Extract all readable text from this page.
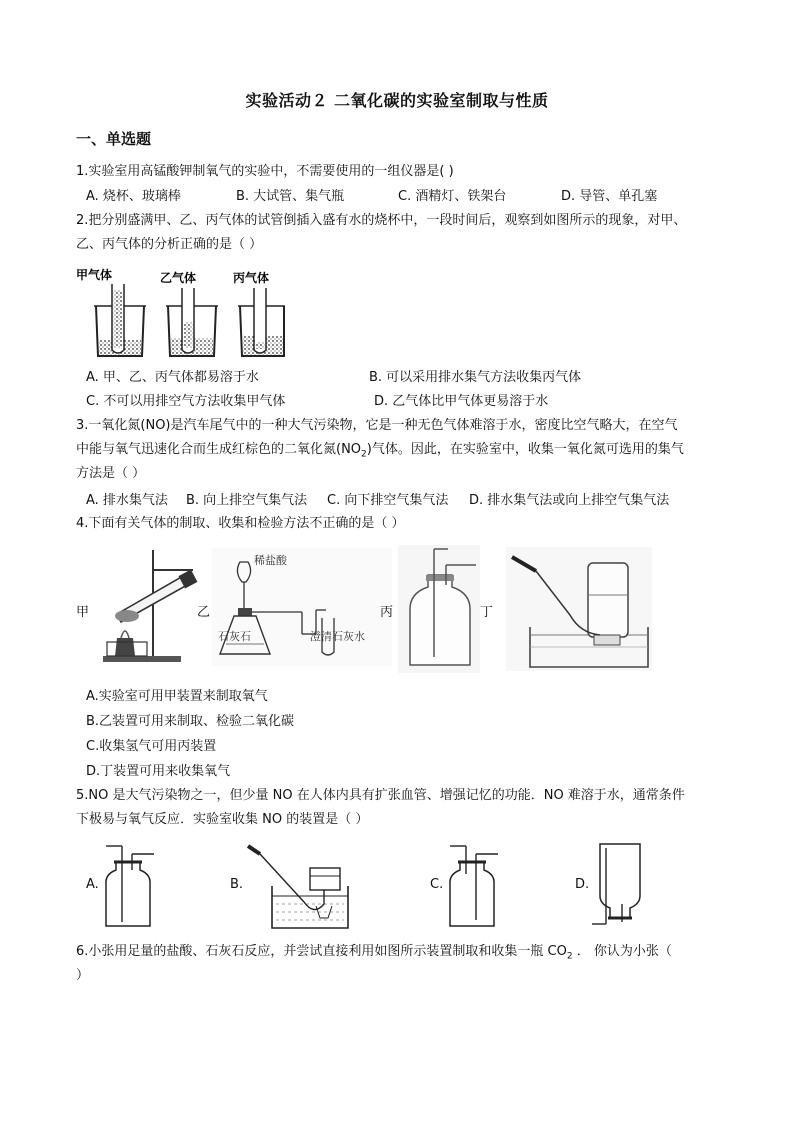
实验活动２ 二氧化碳的实验室制取与性质
一、单选题
1.实验室用高锰酸钾制氧气的实验中，不需要使用的一组仪器是( )
A. 烧杯、玻璃棒	B. 大试管、集气瓶	C. 酒精灯、铁架台	D. 导管、单孔塞
2.把分别盛满甲、乙、丙气体的试管倒插入盛有水的烧杯中，一段时间后，观察到如图所示的现象，对甲、
乙、丙气体的分析正确的是（ ）
甲气体	乙气体	丙气体
A. 甲、乙、丙气体都易溶于水	B. 可以采用排水集气方法收集丙气体
C. 不可以用排空气方法收集甲气体	D. 乙气体比甲气体更易溶于水
3.一氧化氮(NO)是汽车尾气中的一种大气污染物，它是一种无色气体难溶于水，密度比空气略大，在空气
中能与氧气迅速化合而生成红棕色的二氧化氮$(NO_2)$气体。因此，在实验室中，收集一氧化氮可选用的集气
方法是（ ）
A. 排水集气法 B. 向上排空气集气法 C. 向下排空气集气法 D. 排水集气法或向上排空气集气法
4.下面有关气体的制取、收集和检验方法不正确的是（ ）
甲	乙
稀盐酸
石灰石	澄清石灰水
丙	丁
A.实验室可用甲装置来制取氧气
B.乙装置可用来制取、检验二氧化碳
C.收集氢气可用丙装置
D.丁装置可用来收集氧气
5.NO 是大气污染物之一，但少量 NO 在人体内具有扩张血管、增强记忆的功能．NO 难溶于水，通常条件
下极易与氧气反应．实验室收集 NO 的装置是（ ）
A.	B.	C.	D.
6.小张用足量的盐酸、石灰石反应，并尝试直接利用如图所示装置制取和收集一瓶 $CO_2$ ． 你认为小张（
）
